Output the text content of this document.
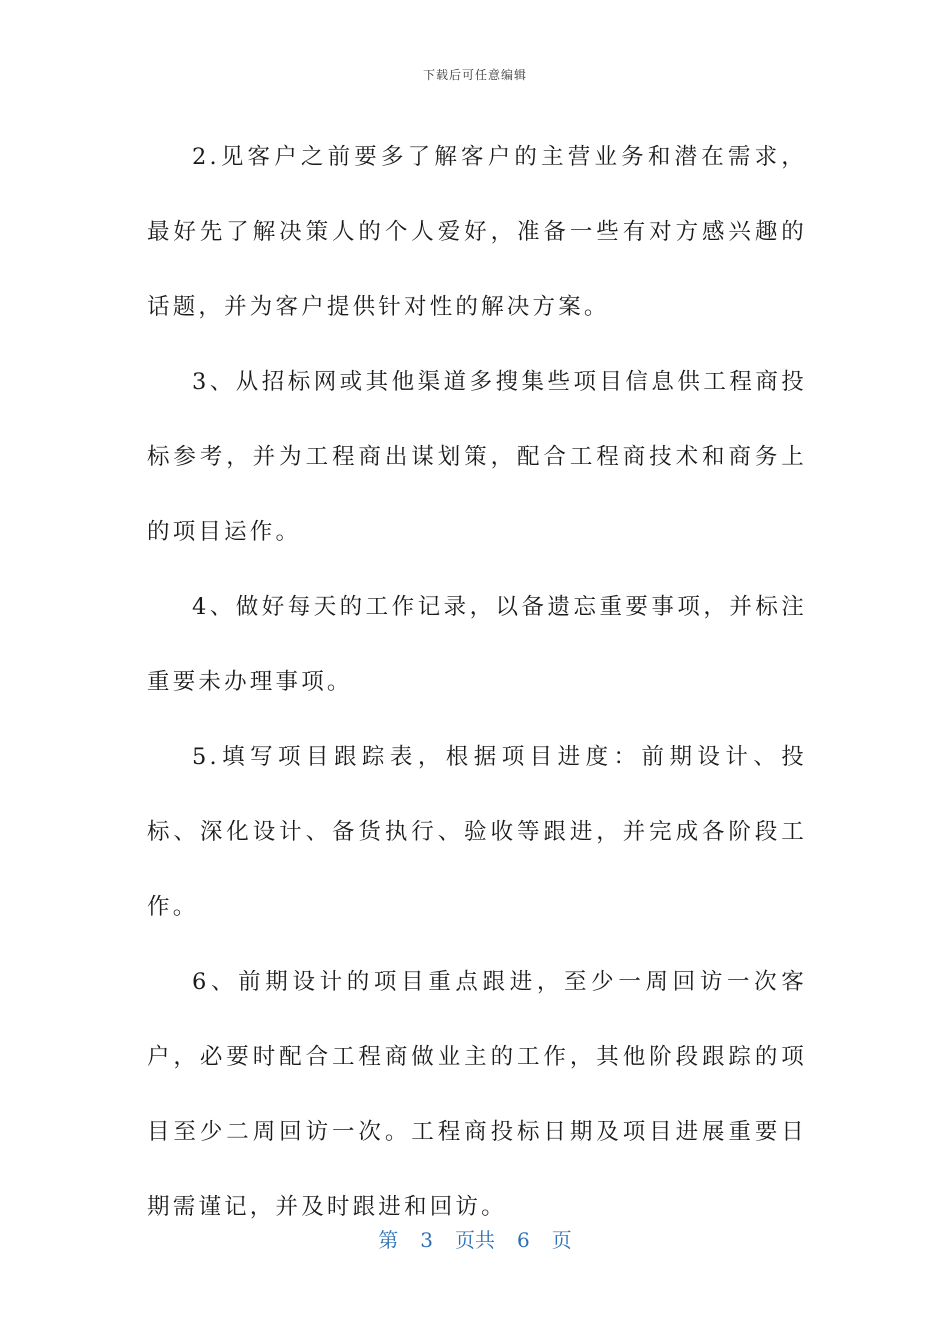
下载后可任意编辑

2.见客户之前要多了解客户的主营业务和潜在需求，最好先了解决策人的个人爱好，准备一些有对方感兴趣的话题，并为客户提供针对性的解决方案。

3、从招标网或其他渠道多搜集些项目信息供工程商投标参考，并为工程商出谋划策，配合工程商技术和商务上的项目运作。

4、做好每天的工作记录，以备遗忘重要事项，并标注重要未办理事项。

5.填写项目跟踪表，根据项目进度：前期设计、投标、深化设计、备货执行、验收等跟进，并完成各阶段工作。

6、前期设计的项目重点跟进，至少一周回访一次客户，必要时配合工程商做业主的工作，其他阶段跟踪的项目至少二周回访一次。工程商投标日期及项目进展重要日期需谨记，并及时跟进和回访。

第 3 页共 6 页
